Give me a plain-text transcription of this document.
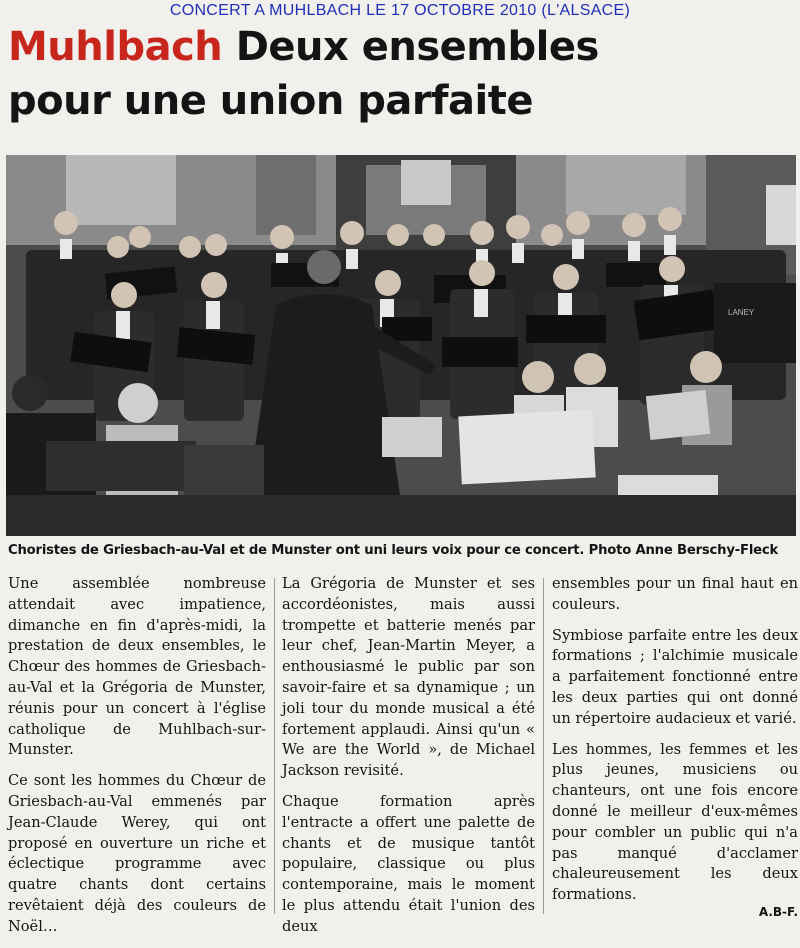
CONCERT A MUHLBACH LE 17 OCTOBRE 2010 (L'ALSACE)
Muhlbach Deux ensembles
pour une union parfaite
LANEY
Choristes de Griesbach-au-Val et de Munster ont uni leurs voix pour ce concert. Photo Anne Berschy-Fleck

Une assemblée nombreuse attendait avec impatience, dimanche en fin d'après-midi, la prestation de deux ensembles, le Chœur des hommes de Griesbach-au-Val et la Grégoria de Munster, réunis pour un concert à l'église catholique de Muhlbach-sur-Munster.

Ce sont les hommes du Chœur de Griesbach-au-Val emmenés par Jean-Claude Werey, qui ont proposé en ouverture un riche et éclectique programme avec quatre chants dont certains revêtaient déjà des couleurs de Noël…

La Grégoria de Munster et ses accordéonistes, mais aussi trompette et batterie menés par leur chef, Jean-Martin Meyer, a enthousiasmé le public par son savoir-faire et sa dynamique ; un joli tour du monde musical a été fortement applaudi. Ainsi qu'un « We are the World », de Michael Jackson revisité.

Chaque formation après l'entracte a offert une palette de chants et de musique tantôt populaire, classique ou plus contemporaine, mais le moment le plus attendu était l'union des deux

ensembles pour un final haut en couleurs.

Symbiose parfaite entre les deux formations ; l'alchimie musicale a parfaitement fonctionné entre les deux parties qui ont donné un répertoire audacieux et varié.

Les hommes, les femmes et les plus jeunes, musiciens ou chanteurs, ont une fois encore donné le meilleur d'eux-mêmes pour combler un public qui n'a pas manqué d'acclamer chaleureusement les deux formations.

A.B-F.
